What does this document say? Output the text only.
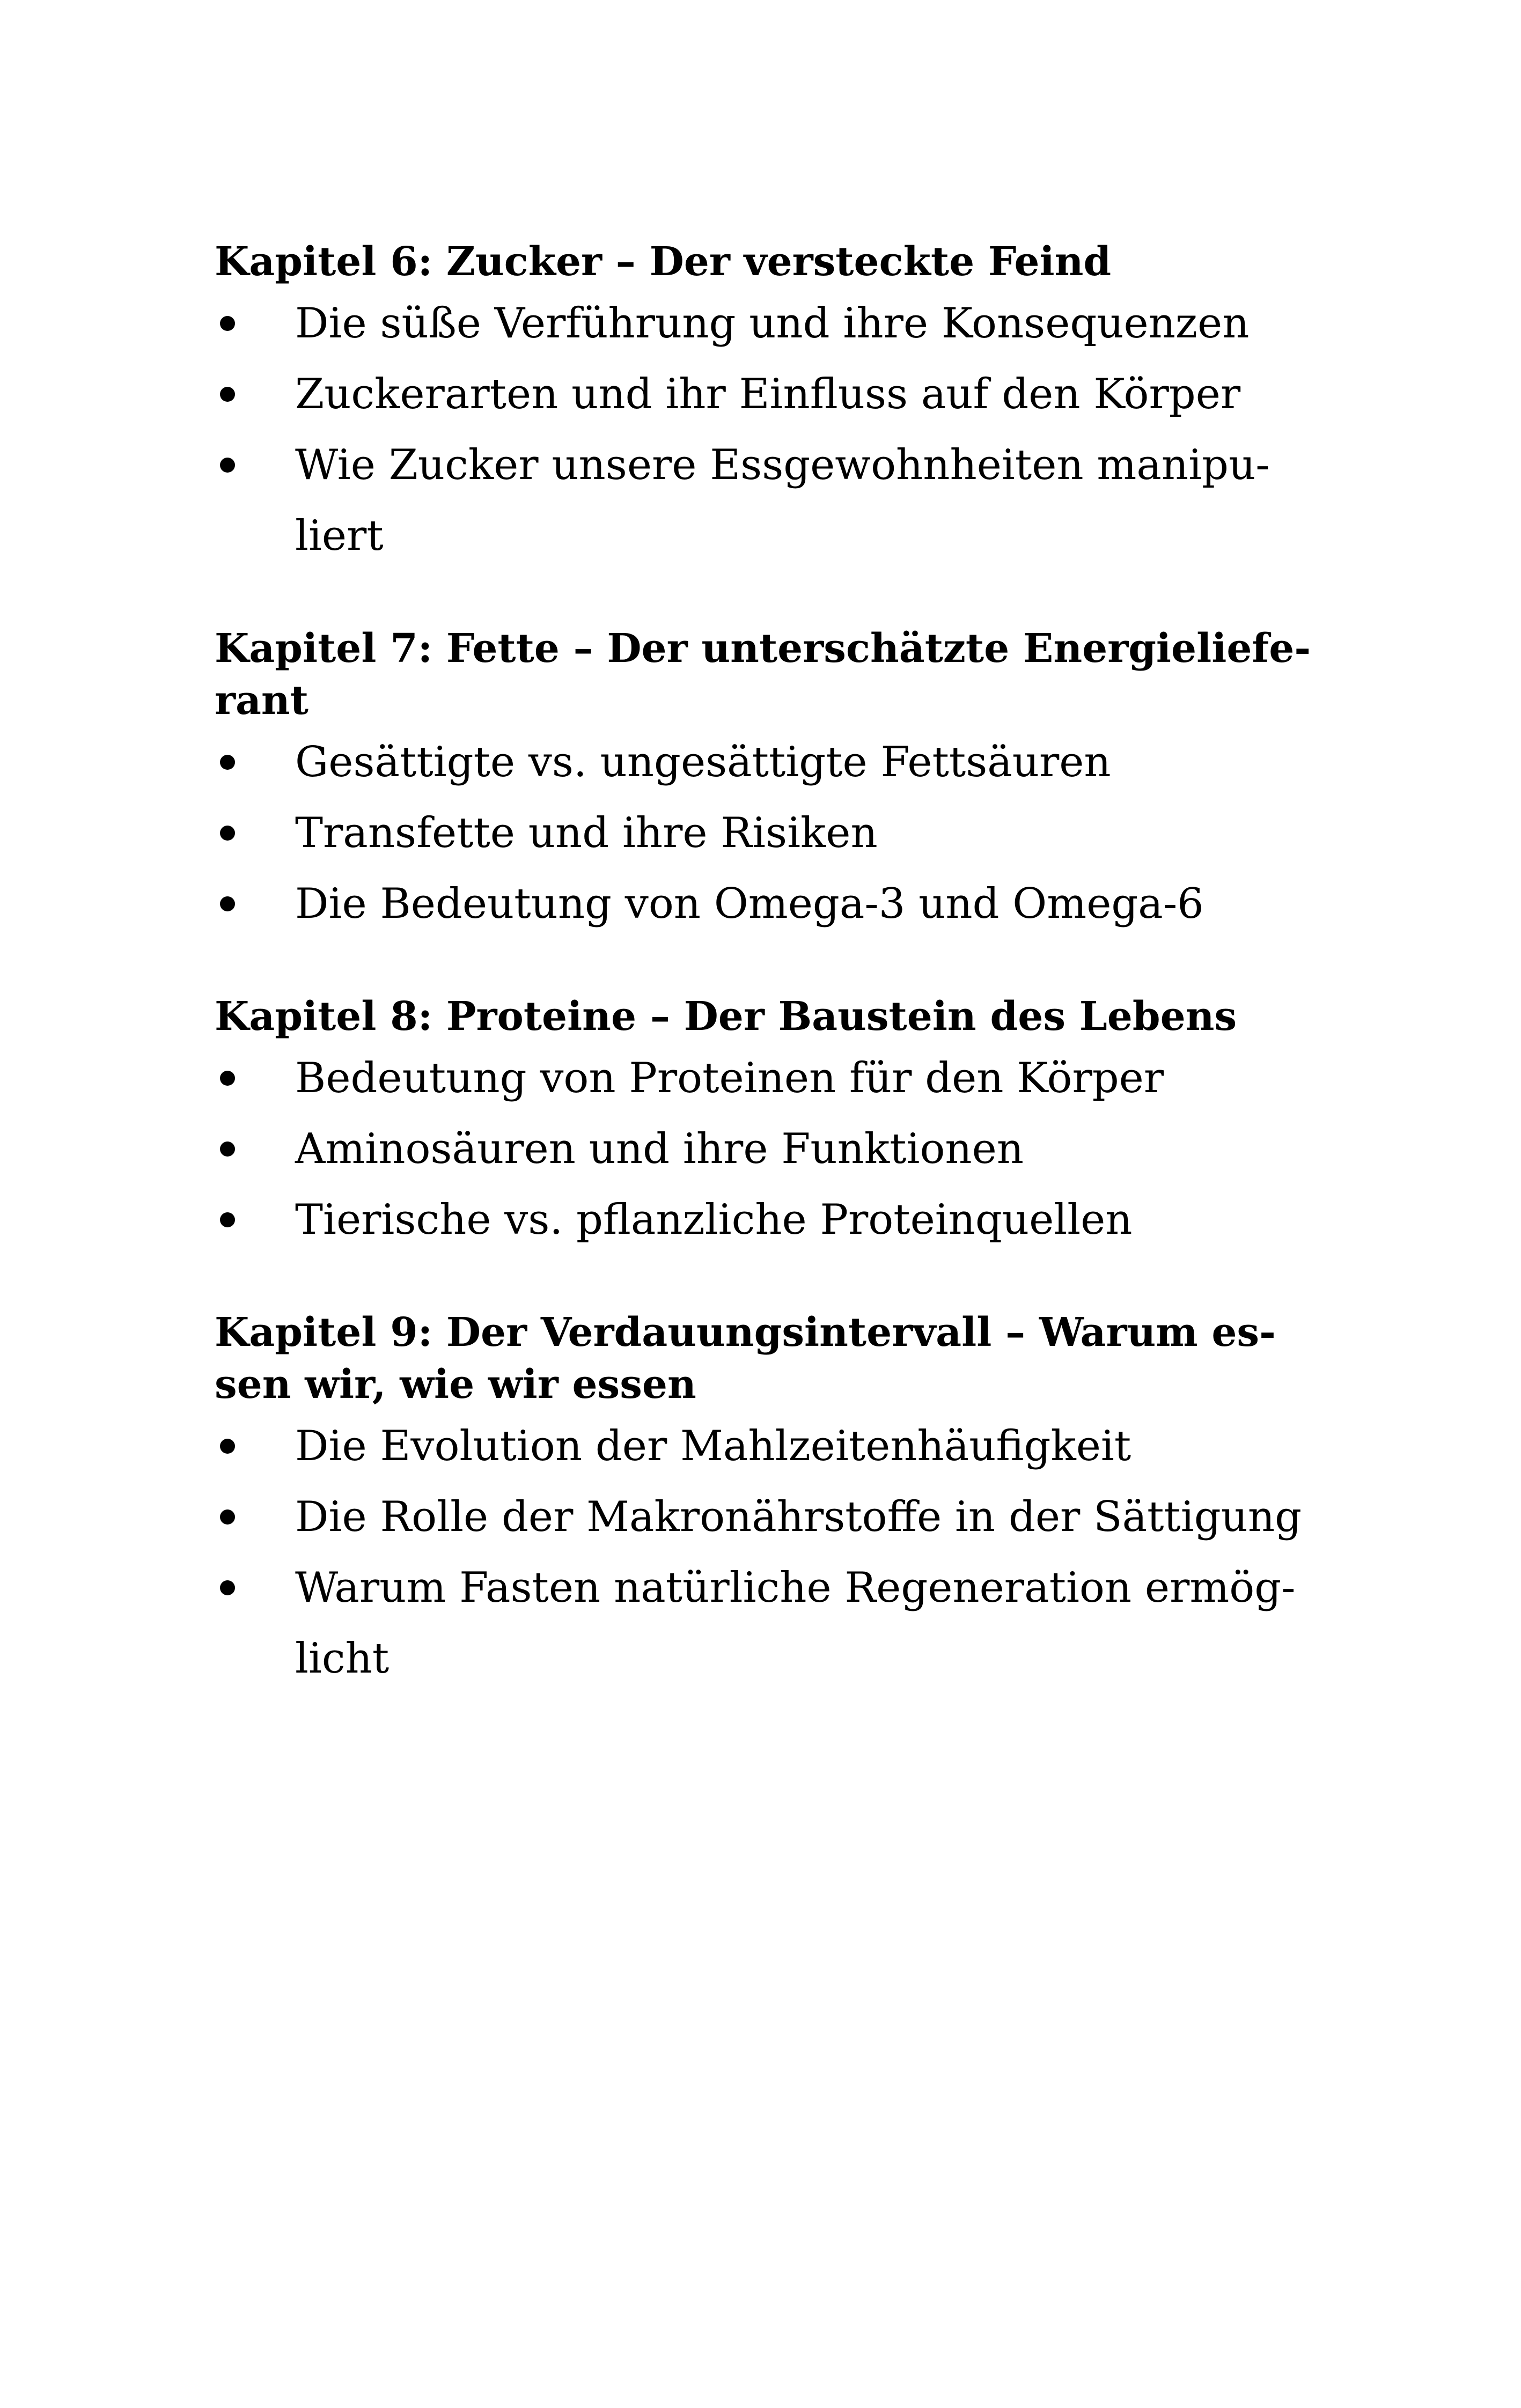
Kapitel 6: Zucker – Der versteckte Feind
Die süße Verführung und ihre Konsequenzen
Zuckerarten und ihr Einfluss auf den Körper
Wie Zucker unsere Essgewohnheiten manipu-
liert
Kapitel 7: Fette – Der unterschätzte Energieliefe-
rant
Gesättigte vs. ungesättigte Fettsäuren
Transfette und ihre Risiken
Die Bedeutung von Omega-3 und Omega-6
Kapitel 8: Proteine – Der Baustein des Lebens
Bedeutung von Proteinen für den Körper
Aminosäuren und ihre Funktionen
Tierische vs. pflanzliche Proteinquellen
Kapitel 9: Der Verdauungsintervall – Warum es-
sen wir, wie wir essen
Die Evolution der Mahlzeitenhäufigkeit
Die Rolle der Makronährstoffe in der Sättigung
Warum Fasten natürliche Regeneration ermög-
licht
